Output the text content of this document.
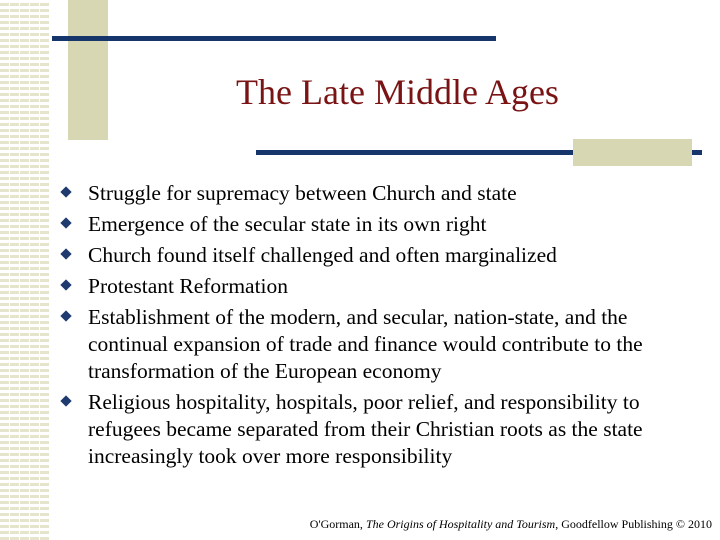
The Late Middle Ages
Struggle for supremacy between Church and state
Emergence of the secular state in its own right
Church found itself challenged and often marginalized
Protestant Reformation
Establishment of the modern, and secular, nation-state, and the continual expansion of trade and finance would contribute to the transformation of the European economy
Religious hospitality, hospitals, poor relief, and responsibility to refugees became separated from their Christian roots as the state increasingly took over more responsibility
O'Gorman, The Origins of Hospitality and Tourism, Goodfellow Publishing © 2010
